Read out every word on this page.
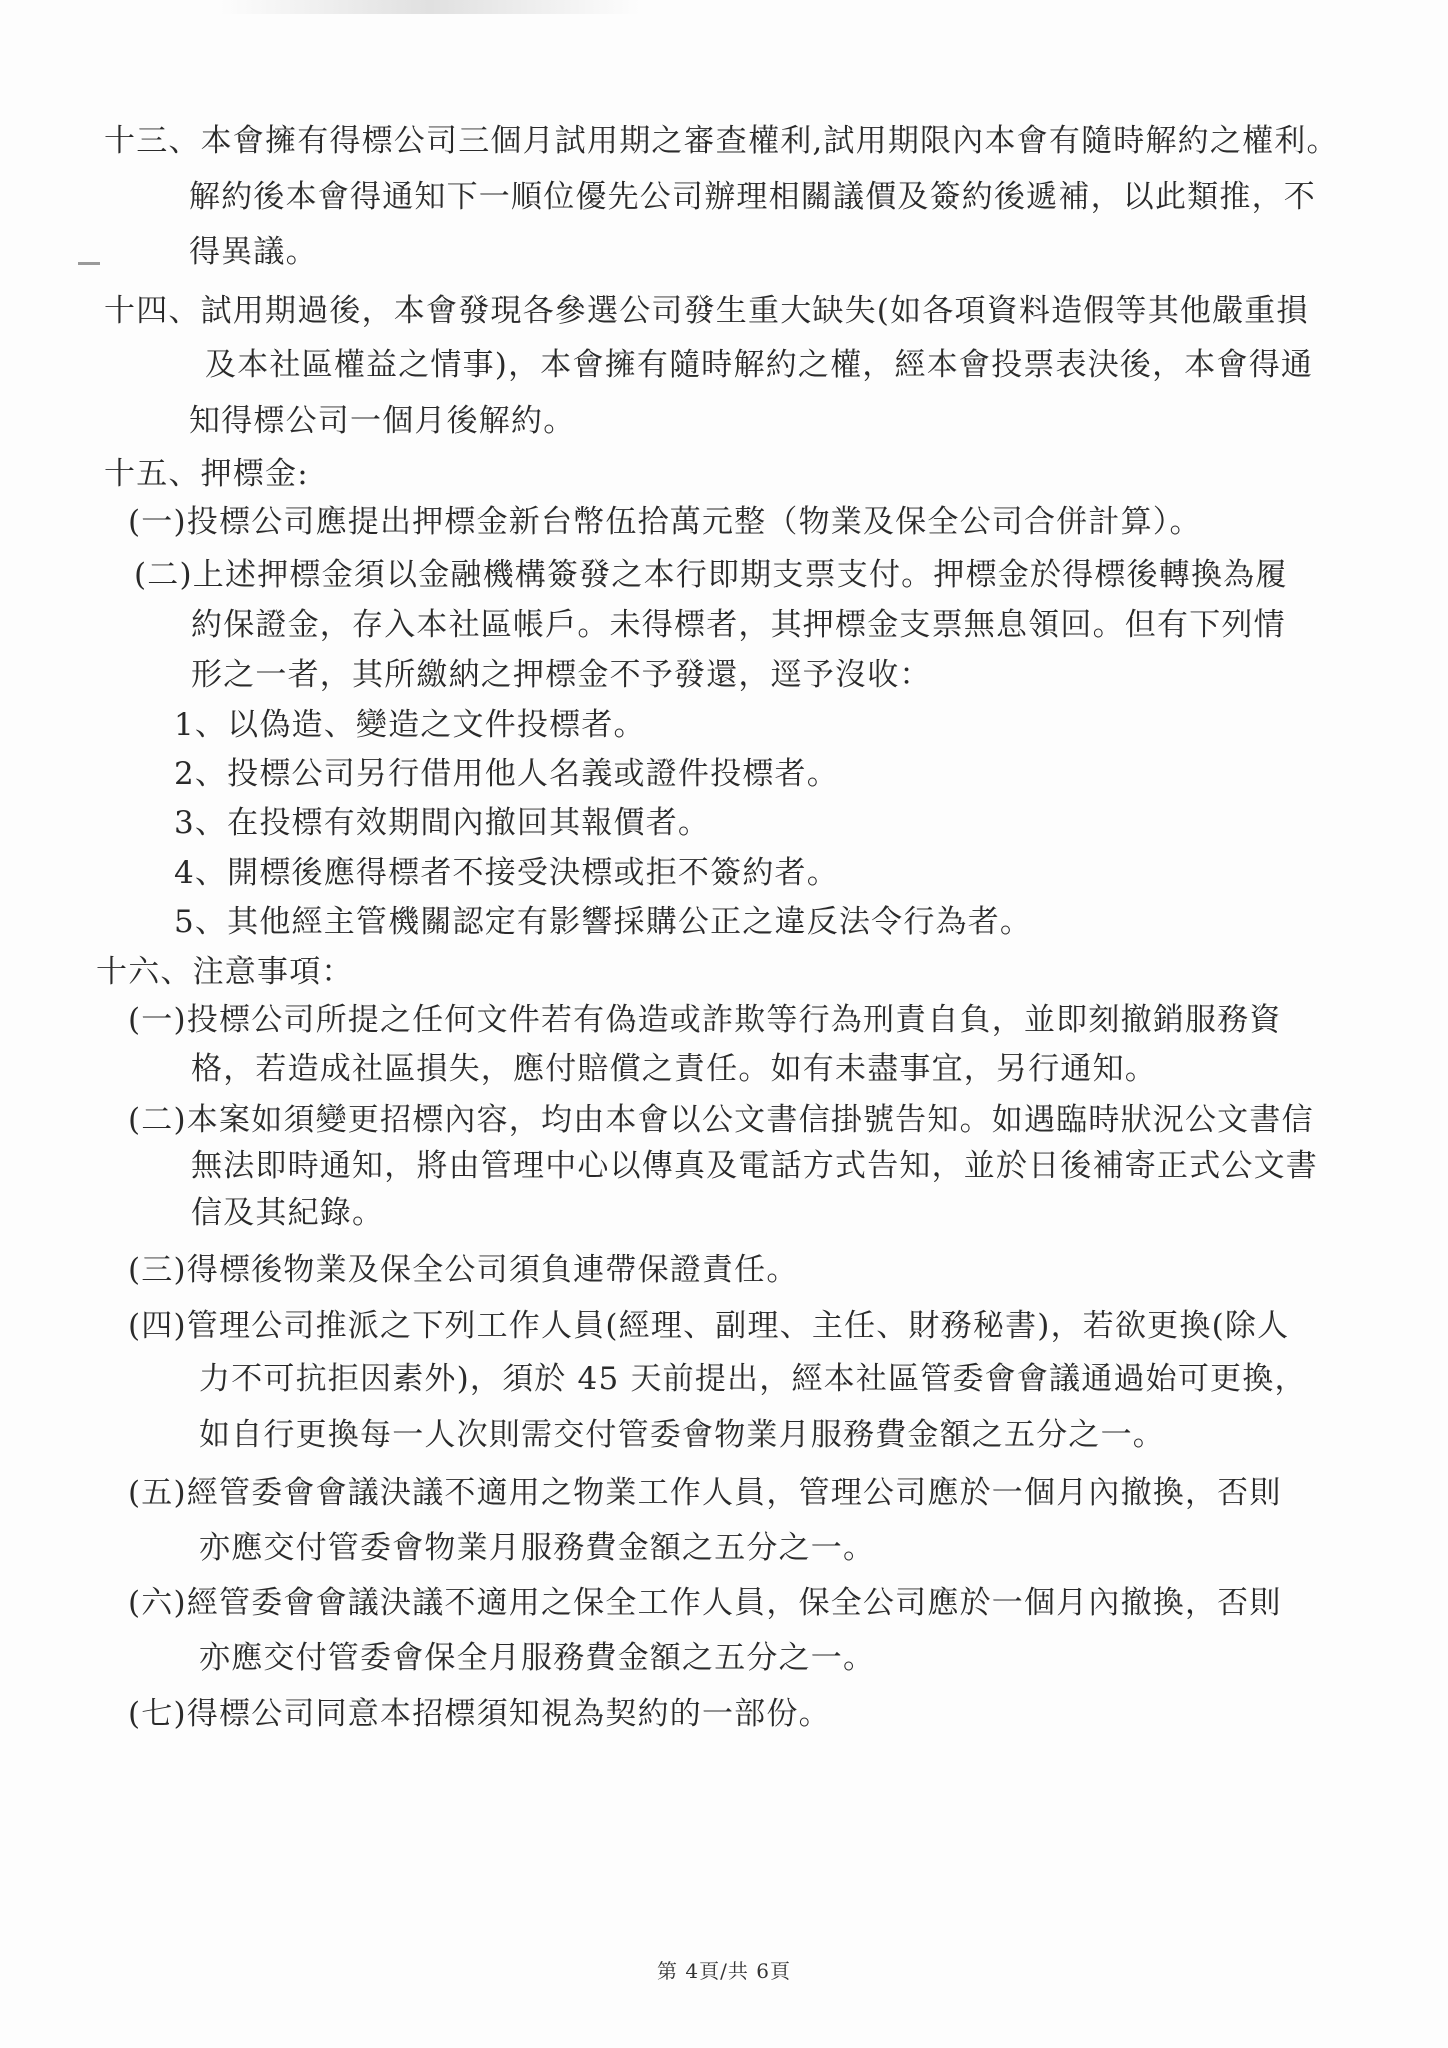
十三、本會擁有得標公司三個月試用期之審查權利,試用期限內本會有隨時解約之權利。
解約後本會得通知下一順位優先公司辦理相關議價及簽約後遞補，以此類推，不
得異議。
十四、試用期過後，本會發現各參選公司發生重大缺失(如各項資料造假等其他嚴重損
及本社區權益之情事)，本會擁有隨時解約之權，經本會投票表決後，本會得通
知得標公司一個月後解約。
十五、押標金:
(一)投標公司應提出押標金新台幣伍拾萬元整（物業及保全公司合併計算）。
(二)上述押標金須以金融機構簽發之本行即期支票支付。押標金於得標後轉換為履
約保證金，存入本社區帳戶。未得標者，其押標金支票無息領回。但有下列情
形之一者，其所繳納之押標金不予發還，逕予沒收：
1、以偽造、變造之文件投標者。
2、投標公司另行借用他人名義或證件投標者。
3、在投標有效期間內撤回其報價者。
4、開標後應得標者不接受決標或拒不簽約者。
5、其他經主管機關認定有影響採購公正之違反法令行為者。
十六、注意事項：
(一)投標公司所提之任何文件若有偽造或詐欺等行為刑責自負，並即刻撤銷服務資
格，若造成社區損失，應付賠償之責任。如有未盡事宜，另行通知。
(二)本案如須變更招標內容，均由本會以公文書信掛號告知。如遇臨時狀況公文書信
無法即時通知，將由管理中心以傳真及電話方式告知，並於日後補寄正式公文書
信及其紀錄。
(三)得標後物業及保全公司須負連帶保證責任。
(四)管理公司推派之下列工作人員(經理、副理、主任、財務秘書)，若欲更換(除人
力不可抗拒因素外)，須於 45 天前提出，經本社區管委會會議通過始可更換，
如自行更換每一人次則需交付管委會物業月服務費金額之五分之一。
(五)經管委會會議決議不適用之物業工作人員，管理公司應於一個月內撤換，否則
亦應交付管委會物業月服務費金額之五分之一。
(六)經管委會會議決議不適用之保全工作人員，保全公司應於一個月內撤換，否則
亦應交付管委會保全月服務費金額之五分之一。
(七)得標公司同意本招標須知視為契約的一部份。
第 4頁/共 6頁
